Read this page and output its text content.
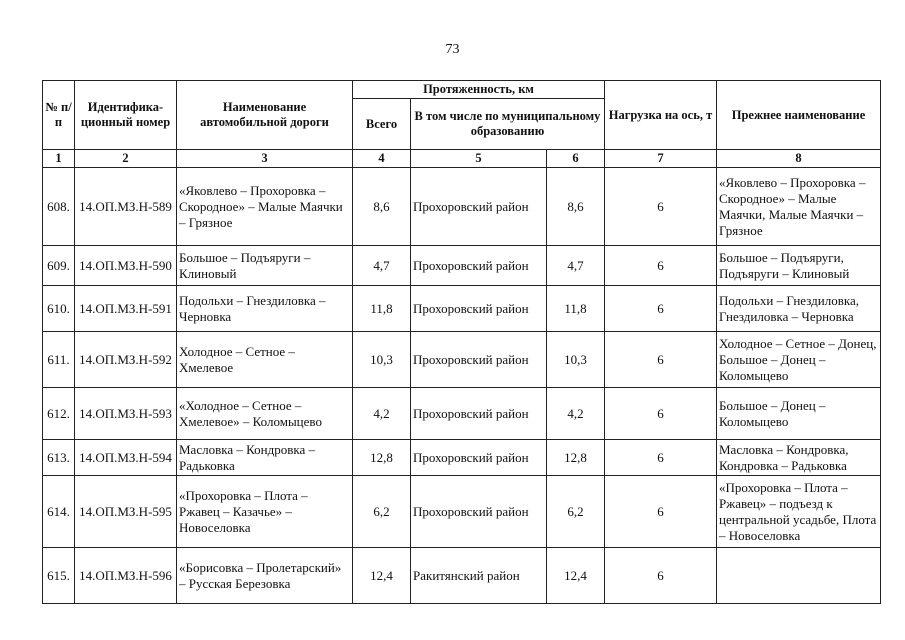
73
№ п/п	Идентифика-ционный номер	Наименование автомобильной дороги	Протяженность, км			Нагрузка на ось, т	Прежнее наименование
			Всего	В том числе по муниципальному образованию			
1	2	3	4	5	6	7	8
608.	14.ОП.МЗ.Н-589	«Яковлево – Прохоровка – Скородное» – Малые Маячки – Грязное	8,6	Прохоровский район	8,6	6	«Яковлево – Прохоровка – Скородное» – Малые Маячки, Малые Маячки – Грязное
609.	14.ОП.МЗ.Н-590	Большое – Подъяруги – Клиновый	4,7	Прохоровский район	4,7	6	Большое – Подъяруги, Подъяруги – Клиновый
610.	14.ОП.МЗ.Н-591	Подольхи – Гнездиловка – Черновка	11,8	Прохоровский район	11,8	6	Подольхи – Гнездиловка, Гнездиловка – Черновка
611.	14.ОП.МЗ.Н-592	Холодное – Сетное – Хмелевое	10,3	Прохоровский район	10,3	6	Холодное – Сетное – Донец, Большое – Донец – Коломыцево
612.	14.ОП.МЗ.Н-593	«Холодное – Сетное – Хмелевое» – Коломыцево	4,2	Прохоровский район	4,2	6	Большое – Донец – Коломыцево
613.	14.ОП.МЗ.Н-594	Масловка – Кондровка – Радьковка	12,8	Прохоровский район	12,8	6	Масловка – Кондровка, Кондровка – Радьковка
614.	14.ОП.МЗ.Н-595	«Прохоровка – Плота – Ржавец – Казачье» – Новоселовка	6,2	Прохоровский район	6,2	6	«Прохоровка – Плота – Ржавец» – подъезд к центральной усадьбе, Плота – Новоселовка
615.	14.ОП.МЗ.Н-596	«Борисовка – Пролетарский» – Русская Березовка	12,4	Ракитянский район	12,4	6	
